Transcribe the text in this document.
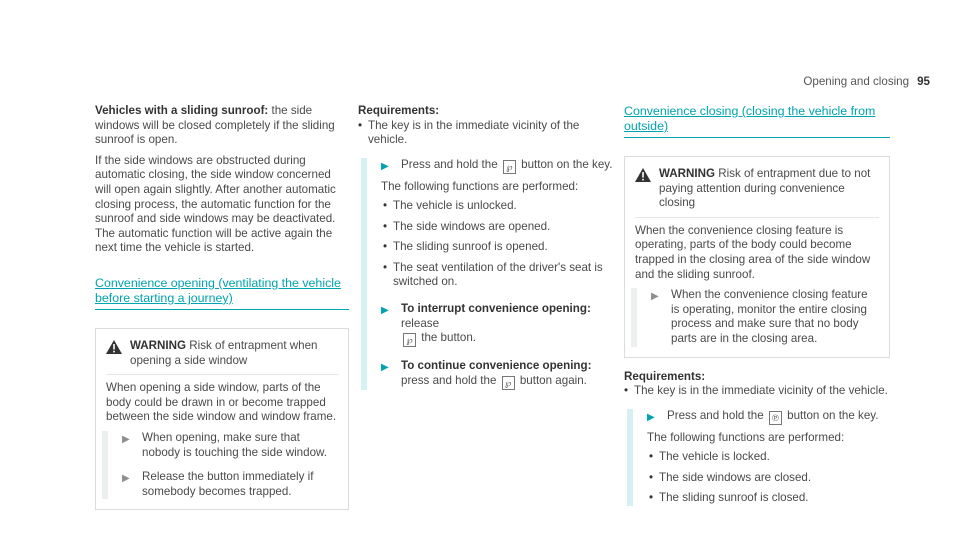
Opening and closing 95

Vehicles with a sliding sunroof: the side windows will be closed completely if the sliding sunroof is open.

If the side windows are obstructed during automatic closing, the side window concerned will open again slightly. After another automatic closing process, the automatic function for the sunroof and side windows may be deactivated. The automatic function will be active again the next time the vehicle is started.

Convenience opening (ventilating the vehicle before starting a journey)
WARNING Risk of entrapment when opening a side window

When opening a side window, parts of the body could be drawn in or become trapped between the side window and window frame.

▶ When opening, make sure that nobody is touching the side window.
▶ Release the button immediately if somebody becomes trapped.
Requirements:
• The key is in the immediate vicinity of the vehicle.
▶ Press and hold the ℘ button on the key.

The following functions are performed:

• The vehicle is unlocked.
• The side windows are opened.
• The sliding sunroof is opened.
• The seat ventilation of the driver's seat is switched on.
▶ To interrupt convenience opening: release
℘ the button.
▶ To continue convenience opening: press and hold the ℘ button again.
Convenience closing (closing the vehicle from outside)
WARNING Risk of entrapment due to not paying attention during convenience closing

When the convenience closing feature is operating, parts of the body could become trapped in the closing area of the side window and the sliding sunroof.

▶ When the convenience closing feature is operating, monitor the entire closing process and make sure that no body parts are in the closing area.
Requirements:
• The key is in the immediate vicinity of the vehicle.
▶ Press and hold the ℗ button on the key.

The following functions are performed:

• The vehicle is locked.
• The side windows are closed.
• The sliding sunroof is closed.
